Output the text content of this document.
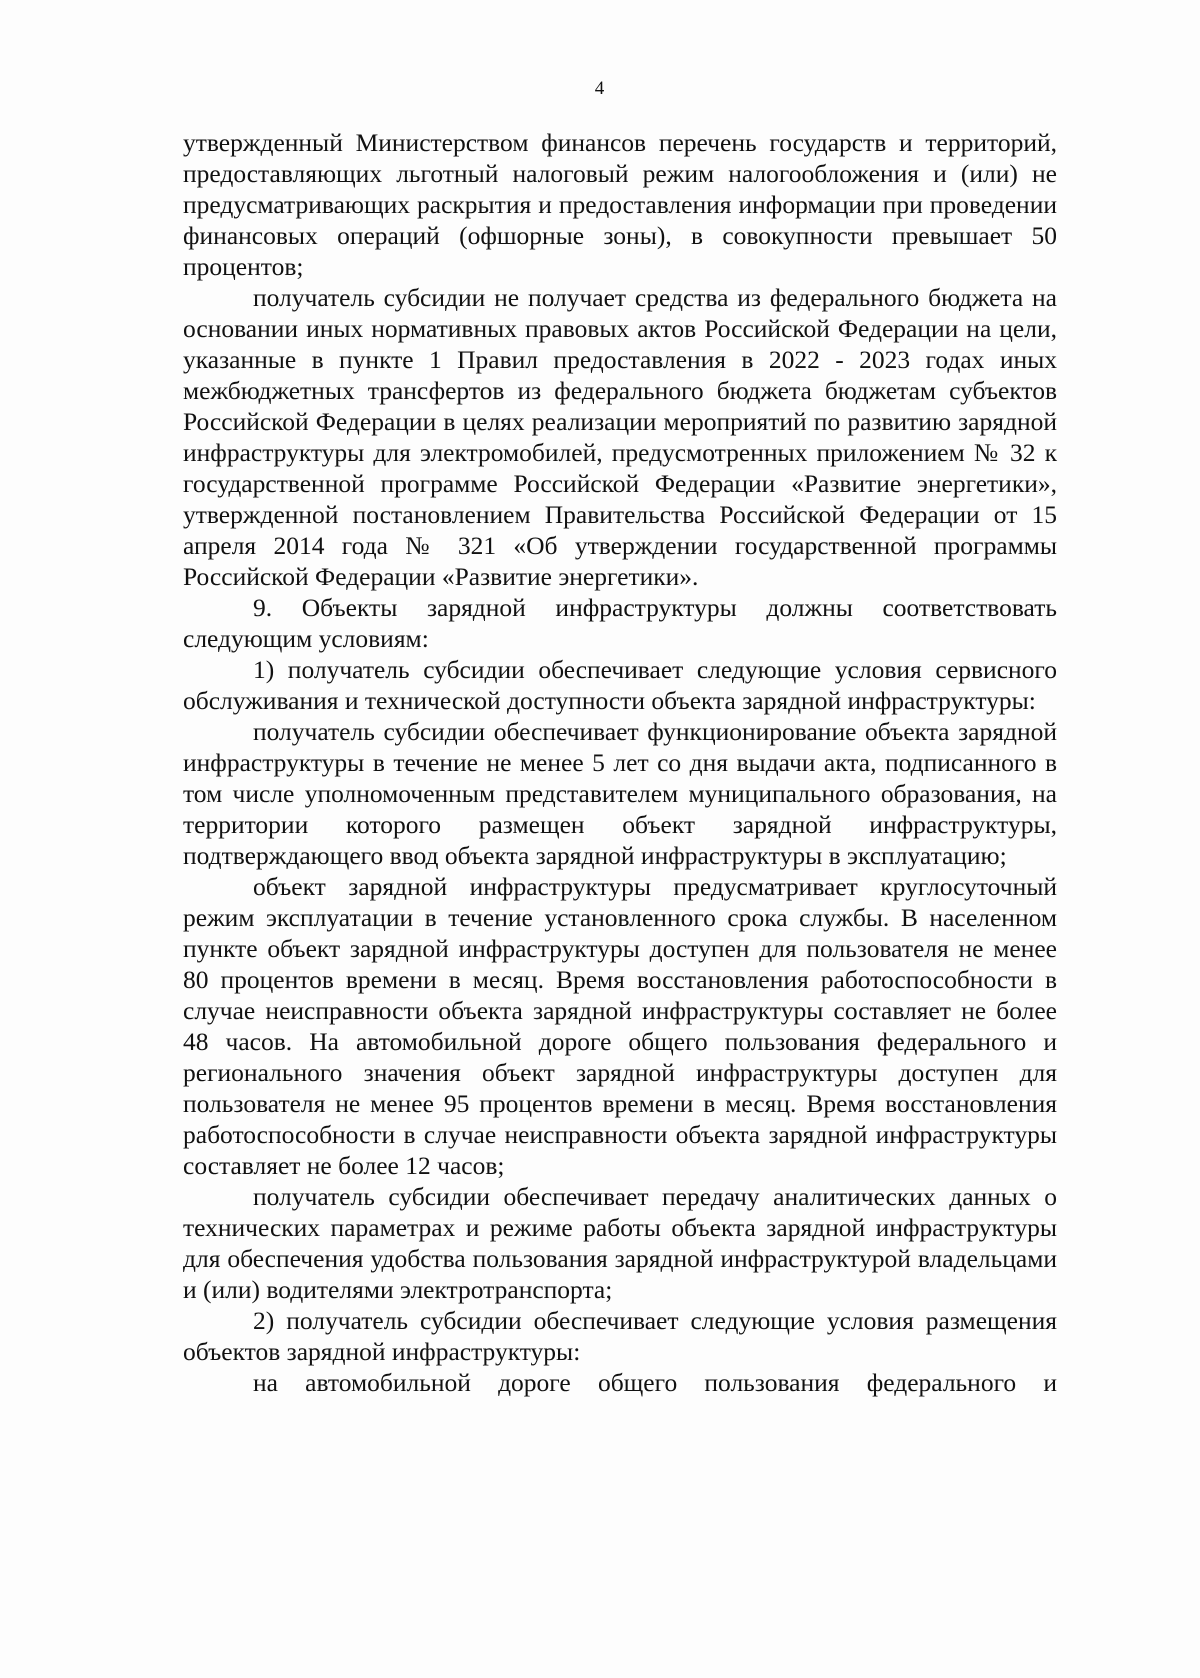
4

утвержденный Министерством финансов перечень государств и территорий, предоставляющих льготный налоговый режим налогообложения и (или) не предусматривающих раскрытия и предоставления информации при проведении финансовых операций (офшорные зоны), в совокупности превышает 50 процентов;

получатель субсидии не получает средства из федерального бюджета на основании иных нормативных правовых актов Российской Федерации на цели, указанные в пункте 1 Правил предоставления в 2022 - 2023 годах иных межбюджетных трансфертов из федерального бюджета бюджетам субъектов Российской Федерации в целях реализации мероприятий по развитию зарядной инфраструктуры для электромобилей, предусмотренных приложением № 32 к государственной программе Российской Федерации «Развитие энергетики», утвержденной постановлением Правительства Российской Федерации от 15 апреля 2014 года № 321 «Об утверждении государственной программы Российской Федерации «Развитие энергетики».

9. Объекты зарядной инфраструктуры должны соответствовать следующим условиям:

1) получатель субсидии обеспечивает следующие условия сервисного обслуживания и технической доступности объекта зарядной инфраструктуры:

получатель субсидии обеспечивает функционирование объекта зарядной инфраструктуры в течение не менее 5 лет со дня выдачи акта, подписанного в том числе уполномоченным представителем муниципального образования, на территории которого размещен объект зарядной инфраструктуры, подтверждающего ввод объекта зарядной инфраструктуры в эксплуатацию;

объект зарядной инфраструктуры предусматривает круглосуточный режим эксплуатации в течение установленного срока службы. В населенном пункте объект зарядной инфраструктуры доступен для пользователя не менее 80 процентов времени в месяц. Время восстановления работоспособности в случае неисправности объекта зарядной инфраструктуры составляет не более 48 часов. На автомобильной дороге общего пользования федерального и регионального значения объект зарядной инфраструктуры доступен для пользователя не менее 95 процентов времени в месяц. Время восстановления работоспособности в случае неисправности объекта зарядной инфраструктуры составляет не более 12 часов;

получатель субсидии обеспечивает передачу аналитических данных о технических параметрах и режиме работы объекта зарядной инфраструктуры для обеспечения удобства пользования зарядной инфраструктурой владельцами и (или) водителями электротранспорта;

2) получатель субсидии обеспечивает следующие условия размещения объектов зарядной инфраструктуры:

на автомобильной дороге общего пользования федерального и
